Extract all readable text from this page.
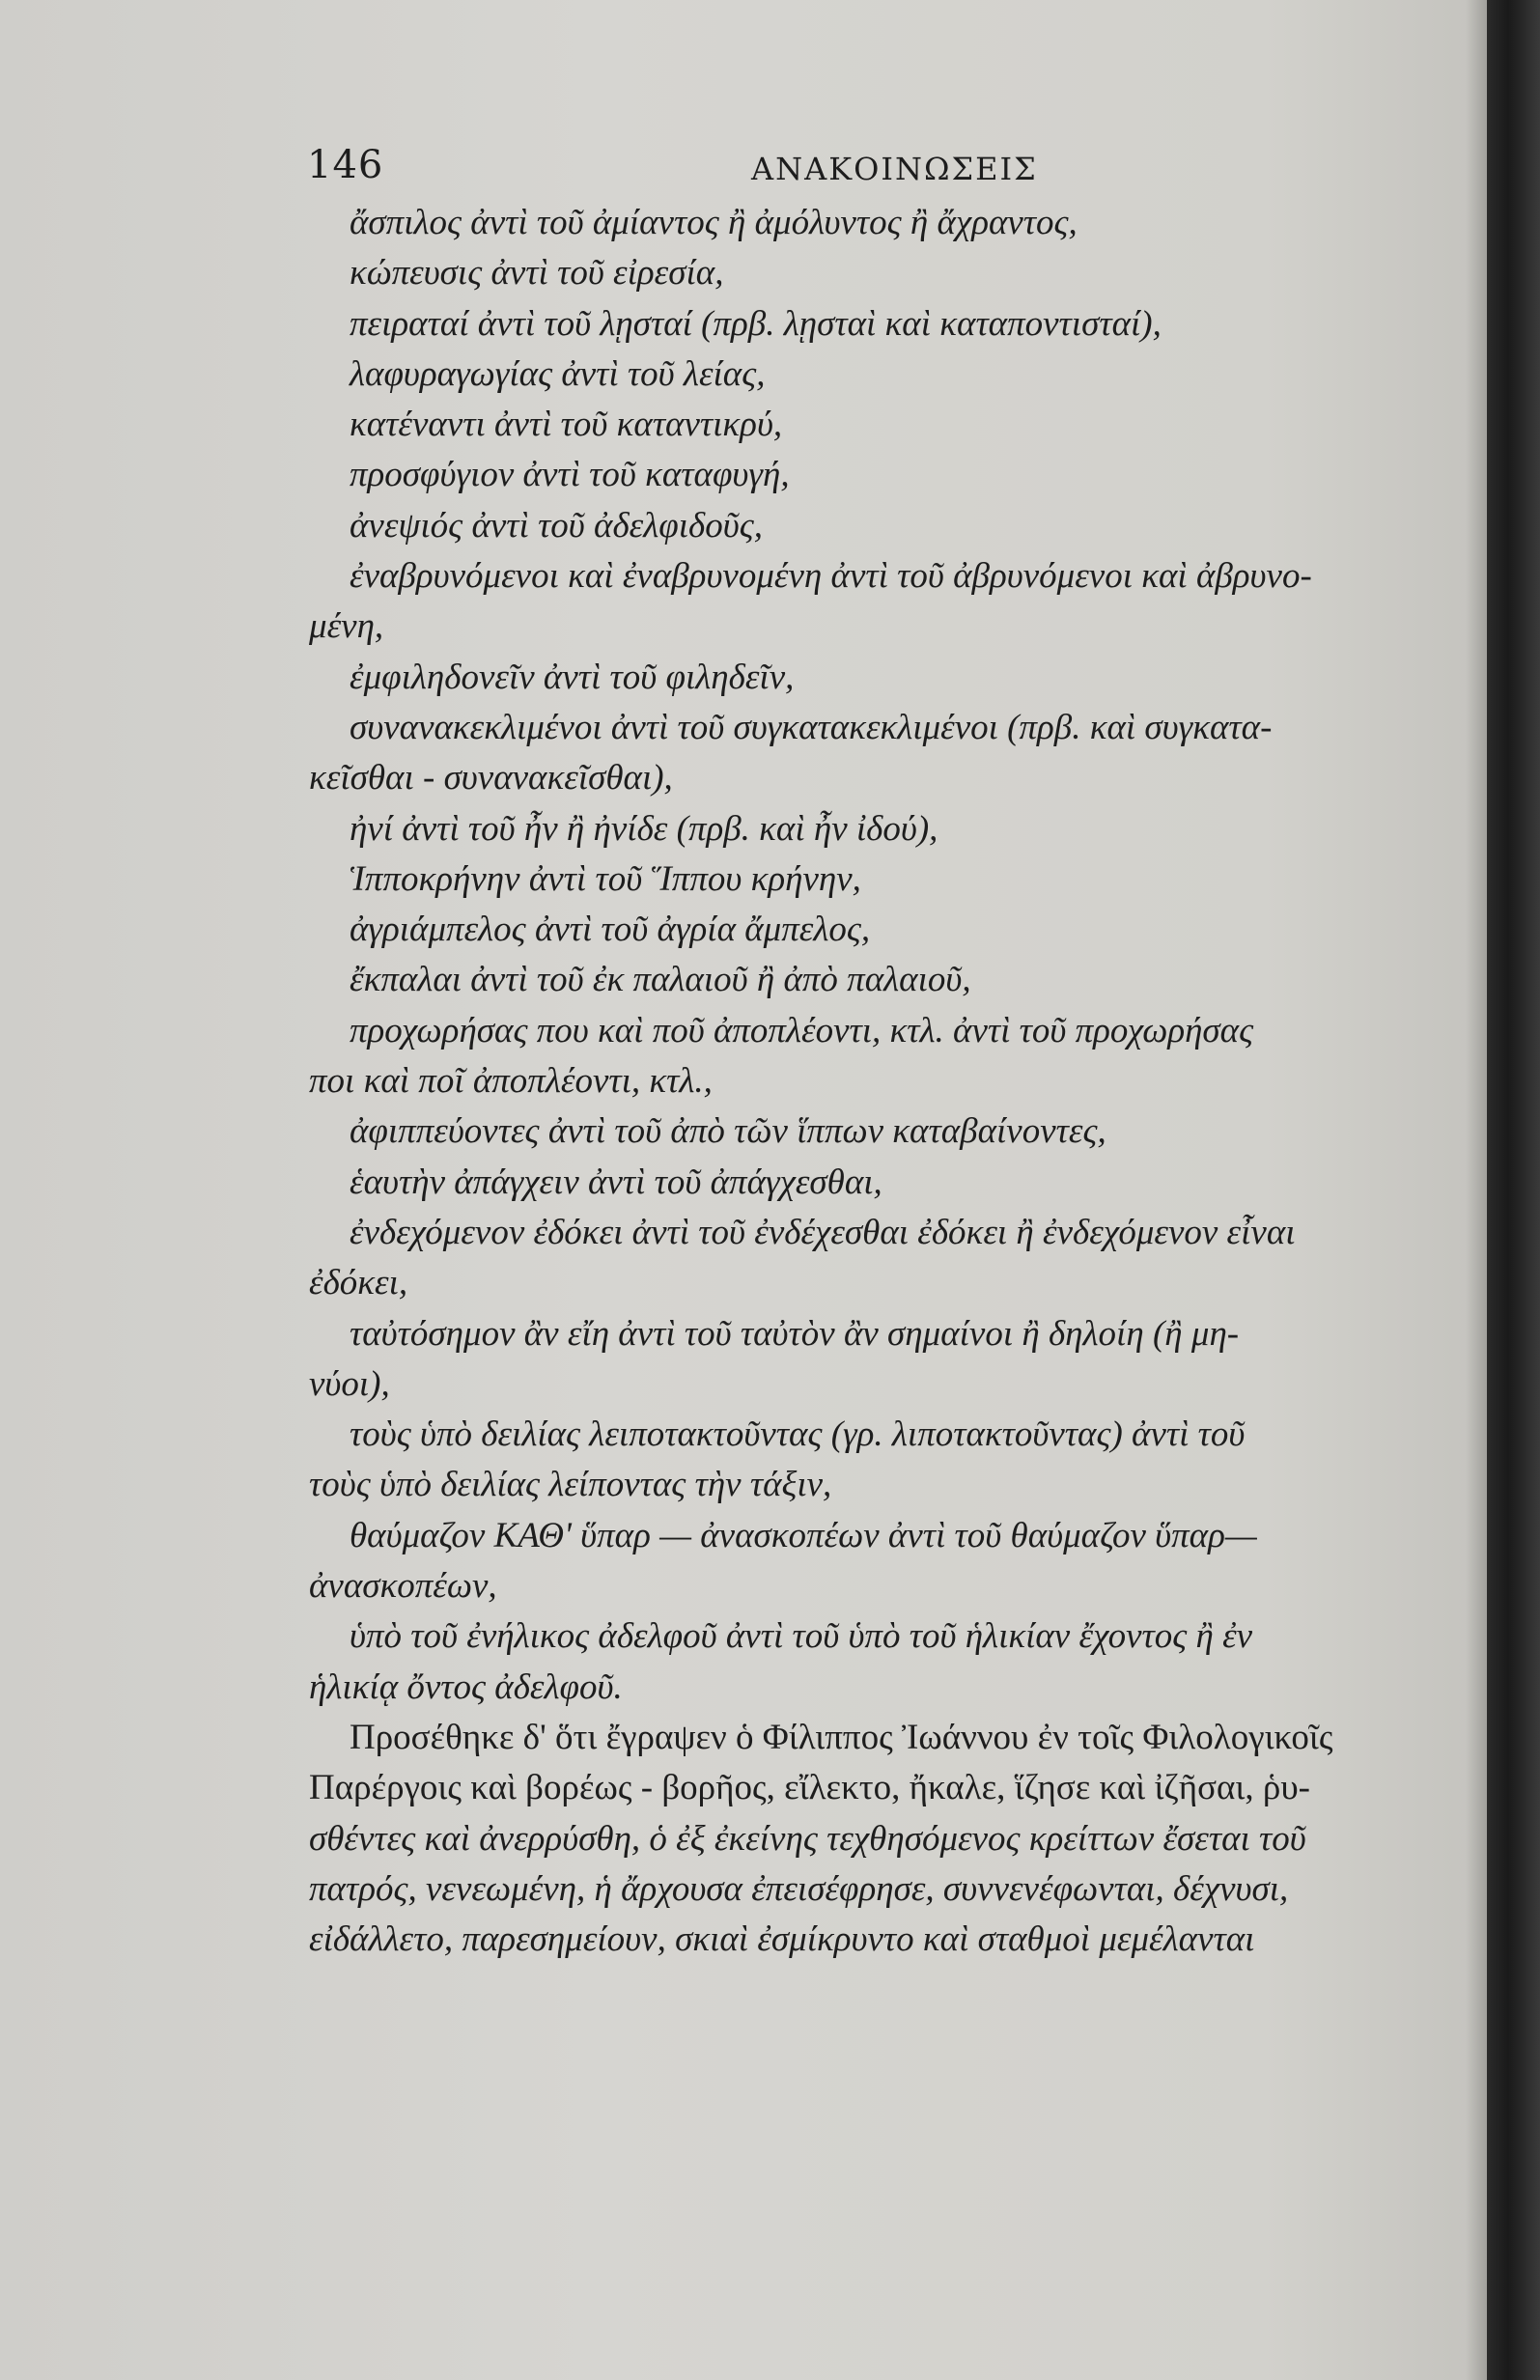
146	ΑΝΑΚΟΙΝΩΣΕΙΣ
ἄσπιλος ἀντὶ τοῦ ἀμίαντος ἢ ἀμόλυντος ἢ ἄχραντος,
κώπευσις ἀντὶ τοῦ εἰρεσία,
πειραταί ἀντὶ τοῦ λῃσταί (πρβ. λῃσταὶ καὶ καταποντισταί),
λαφυραγωγίας ἀντὶ τοῦ λείας,
κατέναντι ἀντὶ τοῦ καταντικρύ,
προσφύγιον ἀντὶ τοῦ καταφυγή,
ἀνεψιός ἀντὶ τοῦ ἀδελφιδοῦς,
ἐναβρυνόμενοι καὶ ἐναβρυνομένη ἀντὶ τοῦ ἀβρυνόμενοι καὶ ἀβρυνο-
μένη,
ἐμφιληδονεῖν ἀντὶ τοῦ φιληδεῖν,
συνανακεκλιμένοι ἀντὶ τοῦ συγκατακεκλιμένοι (πρβ. καὶ συγκατα-
κεῖσθαι - συνανακεῖσθαι),
ἠνί ἀντὶ τοῦ ἦν ἢ ἠνίδε (πρβ. καὶ ἦν ἰδού),
Ἱπποκρήνην ἀντὶ τοῦ Ἵππου κρήνην,
ἀγριάμπελος ἀντὶ τοῦ ἀγρία ἄμπελος,
ἔκπαλαι ἀντὶ τοῦ ἐκ παλαιοῦ ἢ ἀπὸ παλαιοῦ,
προχωρήσας που καὶ ποῦ ἀποπλέοντι, κτλ. ἀντὶ τοῦ προχωρήσας
ποι καὶ ποῖ ἀποπλέοντι, κτλ.,
ἀφιππεύοντες ἀντὶ τοῦ ἀπὸ τῶν ἵππων καταβαίνοντες,
ἑαυτὴν ἀπάγχειν ἀντὶ τοῦ ἀπάγχεσθαι,
ἐνδεχόμενον ἐδόκει ἀντὶ τοῦ ἐνδέχεσθαι ἐδόκει ἢ ἐνδεχόμενον εἶναι
ἐδόκει,
ταὐτόσημον ἂν εἴη ἀντὶ τοῦ ταὐτὸν ἂν σημαίνοι ἢ δηλοίη (ἢ μη-
νύοι),
τοὺς ὑπὸ δειλίας λειποτακτοῦντας (γρ. λιποτακτοῦντας) ἀντὶ τοῦ
τοὺς ὑπὸ δειλίας λείποντας τὴν τάξιν,
θαύμαζον ΚΑΘ' ὕπαρ — ἀνασκοπέων ἀντὶ τοῦ θαύμαζον ὕπαρ—
ἀνασκοπέων,
ὑπὸ τοῦ ἐνήλικος ἀδελφοῦ ἀντὶ τοῦ ὑπὸ τοῦ ἡλικίαν ἔχοντος ἢ ἐν
ἡλικίᾳ ὄντος ἀδελφοῦ.
Προσέθηκε δ' ὅτι ἔγραψεν ὁ Φίλιππος Ἰωάννου ἐν τοῖς Φιλολογικοῖς
Παρέργοις καὶ βορέως - βορῆος, εἴλεκτο, ἤκαλε, ἵζησε καὶ ἰζῆσαι, ῥυ-
σθέντες καὶ ἀνερρύσθη, ὁ ἐξ ἐκείνης τεχθησόμενος κρείττων ἔσεται τοῦ
πατρός, νενεωμένη, ἡ ἄρχουσα ἐπεισέφρησε, συννενέφωνται, δέχνυσι,
εἰδάλλετο, παρεσημείουν, σκιαὶ ἐσμίκρυντο καὶ σταθμοὶ μεμέλανται
